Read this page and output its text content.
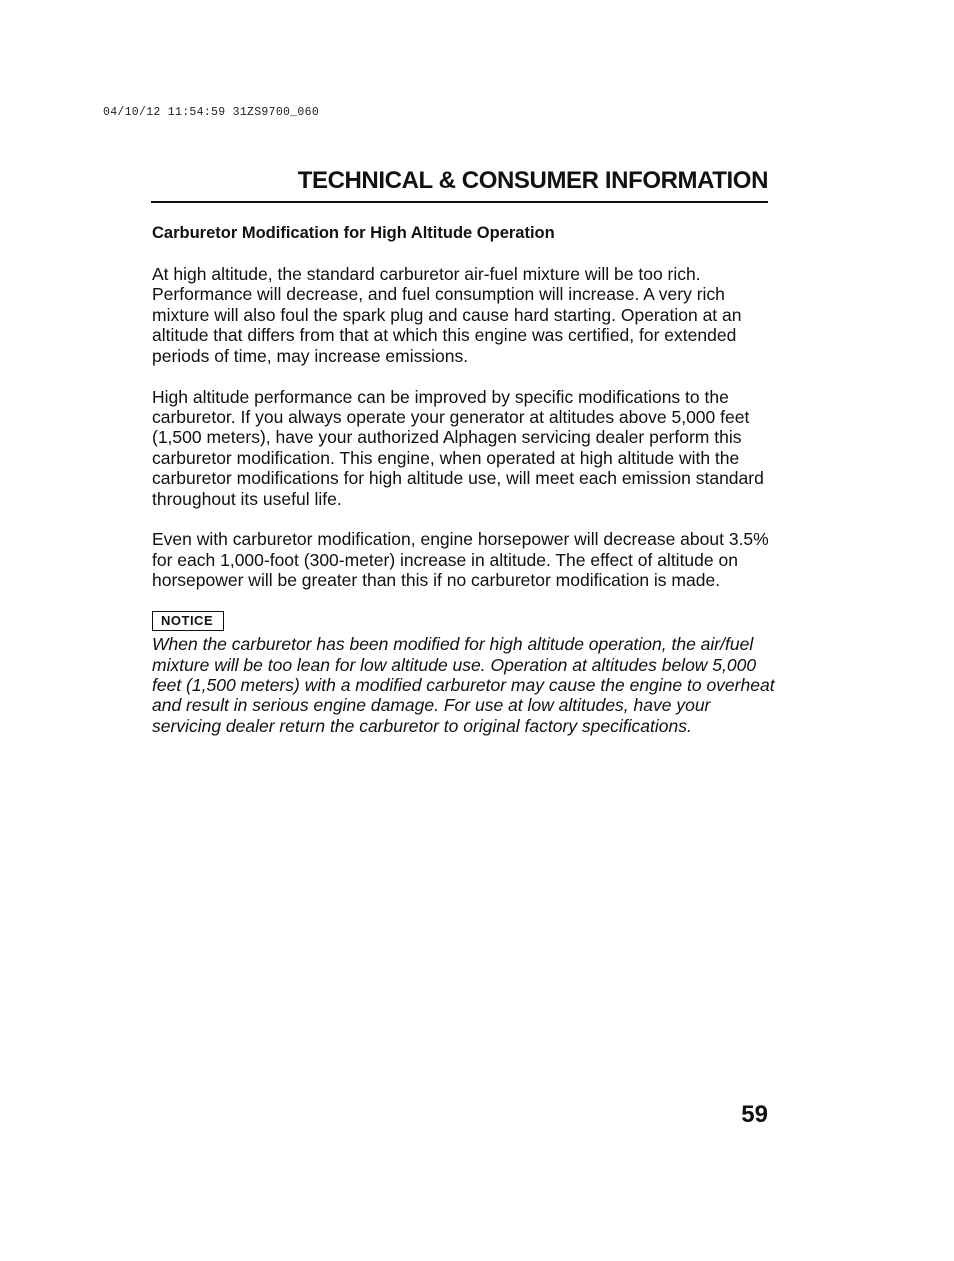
04/10/12 11:54:59 31ZS9700_060
TECHNICAL & CONSUMER INFORMATION
Carburetor Modification for High Altitude Operation

At high altitude, the standard carburetor air-fuel mixture will be too rich. Performance will decrease, and fuel consumption will increase. A very rich mixture will also foul the spark plug and cause hard starting. Operation at an altitude that differs from that at which this engine was certified, for extended periods of time, may increase emissions.

High altitude performance can be improved by specific modifications to the carburetor. If you always operate your generator at altitudes above 5,000 feet (1,500 meters), have your authorized Alphagen servicing dealer perform this carburetor modification. This engine, when operated at high altitude with the carburetor modifications for high altitude use, will meet each emission standard throughout its useful life.

Even with carburetor modification, engine horsepower will decrease about 3.5% for each 1,000-foot (300-meter) increase in altitude. The effect of altitude on horsepower will be greater than this if no carburetor modification is made.

NOTICE

When the carburetor has been modified for high altitude operation, the air/fuel mixture will be too lean for low altitude use. Operation at altitudes below 5,000 feet (1,500 meters) with a modified carburetor may cause the engine to overheat and result in serious engine damage. For use at low altitudes, have your servicing dealer return the carburetor to original factory specifications.

59
